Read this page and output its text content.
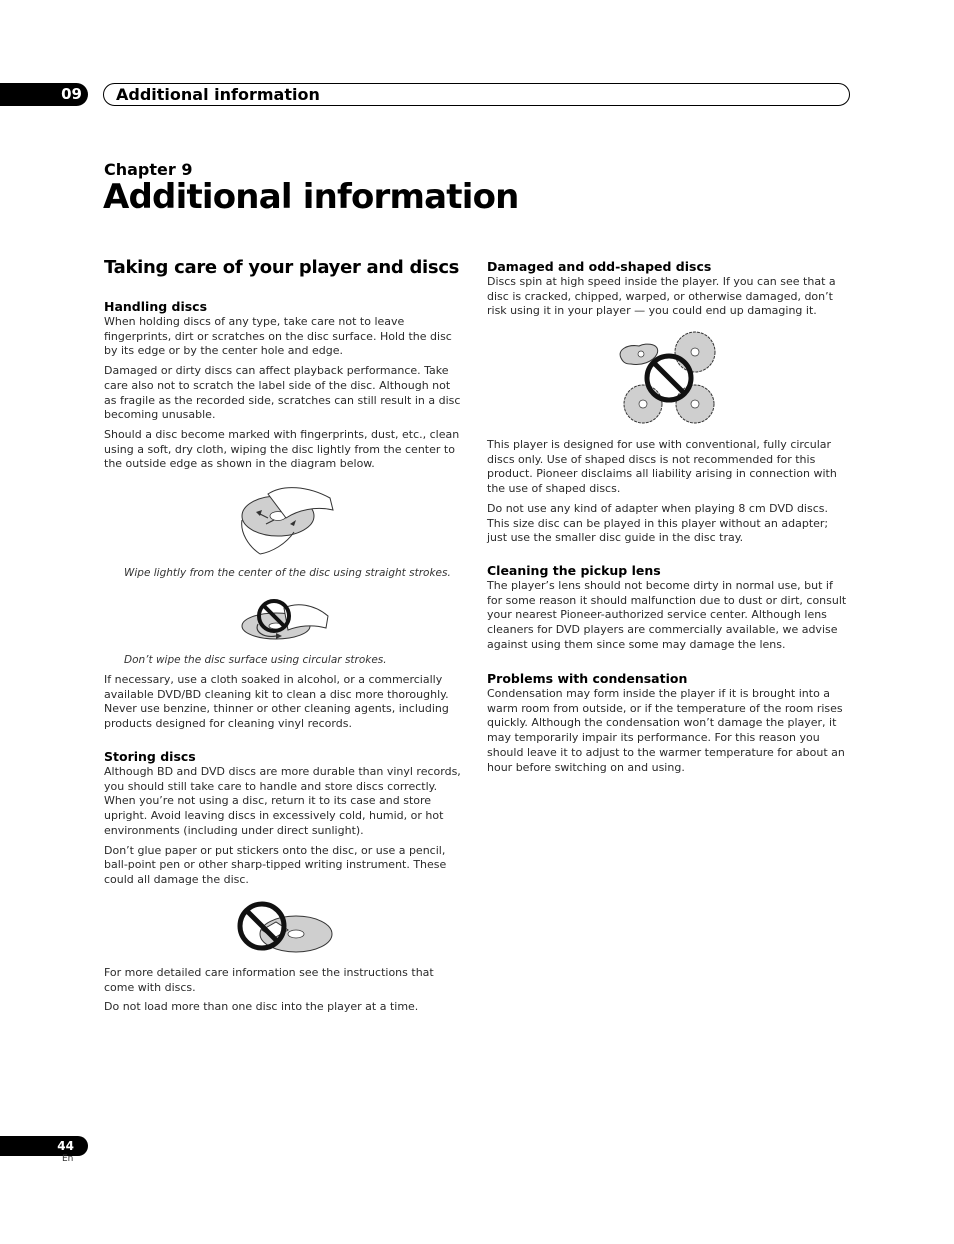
09	Additional information
Chapter 9
Additional information
Taking care of your player and discs
Handling discs

When holding discs of any type, take care not to leave fingerprints, dirt or scratches on the disc surface. Hold the disc by its edge or by the center hole and edge.

Damaged or dirty discs can affect playback performance. Take care also not to scratch the label side of the disc. Although not as fragile as the recorded side, scratches can still result in a disc becoming unusable.

Should a disc become marked with fingerprints, dust, etc., clean using a soft, dry cloth, wiping the disc lightly from the center to the outside edge as shown in the diagram below.

Wipe lightly from the center of the disc using straight strokes.
Don’t wipe the disc surface using circular strokes.

If necessary, use a cloth soaked in alcohol, or a commercially available DVD/BD cleaning kit to clean a disc more thoroughly. Never use benzine, thinner or other cleaning agents, including products designed for cleaning vinyl records.

Storing discs

Although BD and DVD discs are more durable than vinyl records, you should still take care to handle and store discs correctly. When you’re not using a disc, return it to its case and store upright. Avoid leaving discs in excessively cold, humid, or hot environments (including under direct sunlight).

Don’t glue paper or put stickers onto the disc, or use a pencil, ball-point pen or other sharp-tipped writing instrument. These could all damage the disc.

For more detailed care information see the instructions that come with discs.

Do not load more than one disc into the player at a time.

Damaged and odd-shaped discs

Discs spin at high speed inside the player. If you can see that a disc is cracked, chipped, warped, or otherwise damaged, don’t risk using it in your player — you could end up damaging it.

This player is designed for use with conventional, fully circular discs only. Use of shaped discs is not recommended for this product. Pioneer disclaims all liability arising in connection with the use of shaped discs.

Do not use any kind of adapter when playing 8 cm DVD discs. This size disc can be played in this player without an adapter; just use the smaller disc guide in the disc tray.

Cleaning the pickup lens

The player’s lens should not become dirty in normal use, but if for some reason it should malfunction due to dust or dirt, consult your nearest Pioneer-authorized service center. Although lens cleaners for DVD players are commercially available, we advise against using them since some may damage the lens.

Problems with condensation

Condensation may form inside the player if it is brought into a warm room from outside, or if the temperature of the room rises quickly. Although the condensation won’t damage the player, it may temporarily impair its performance. For this reason you should leave it to adjust to the warmer temperature for about an hour before switching on and using.

44
En
